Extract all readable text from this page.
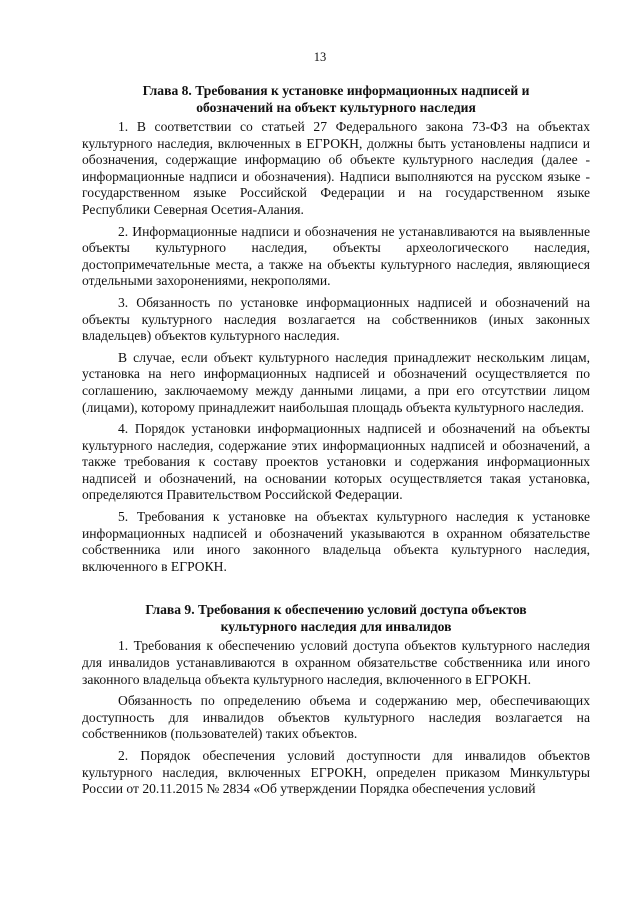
13
Глава 8. Требования к установке информационных надписей и
обозначений на объект культурного наследия

1. В соответствии со статьей 27 Федерального закона 73-ФЗ на объектах культурного наследия, включенных в ЕГРОКН, должны быть установлены надписи и обозначения, содержащие информацию об объекте культурного наследия (далее - информационные надписи и обозначения). Надписи выполняются на русском языке - государственном языке Российской Федерации и на государственном языке Республики Северная Осетия-Алания.

2. Информационные надписи и обозначения не устанавливаются на выявленные объекты культурного наследия, объекты археологического наследия, достопримечательные места, а также на объекты культурного наследия, являющиеся отдельными захоронениями, некрополями.

3. Обязанность по установке информационных надписей и обозначений на объекты культурного наследия возлагается на собственников (иных законных владельцев) объектов культурного наследия.

В случае, если объект культурного наследия принадлежит нескольким лицам, установка на него информационных надписей и обозначений осуществляется по соглашению, заключаемому между данными лицами, а при его отсутствии лицом (лицами), которому принадлежит наибольшая площадь объекта культурного наследия.

4. Порядок установки информационных надписей и обозначений на объекты культурного наследия, содержание этих информационных надписей и обозначений, а также требования к составу проектов установки и содержания информационных надписей и обозначений, на основании которых осуществляется такая установка, определяются Правительством Российской Федерации.

5. Требования к установке на объектах культурного наследия к установке информационных надписей и обозначений указываются в охранном обязательстве собственника или иного законного владельца объекта культурного наследия, включенного в ЕГРОКН.

Глава 9. Требования к обеспечению условий доступа объектов
культурного наследия для инвалидов

1. Требования к обеспечению условий доступа объектов культурного наследия для инвалидов устанавливаются в охранном обязательстве собственника или иного законного владельца объекта культурного наследия, включенного в ЕГРОКН.

Обязанность по определению объема и содержанию мер, обеспечивающих доступность для инвалидов объектов культурного наследия возлагается на собственников (пользователей) таких объектов.

2. Порядок обеспечения условий доступности для инвалидов объектов культурного наследия, включенных ЕГРОКН, определен приказом Минкультуры России от 20.11.2015 № 2834 «Об утверждении Порядка обеспечения условий
